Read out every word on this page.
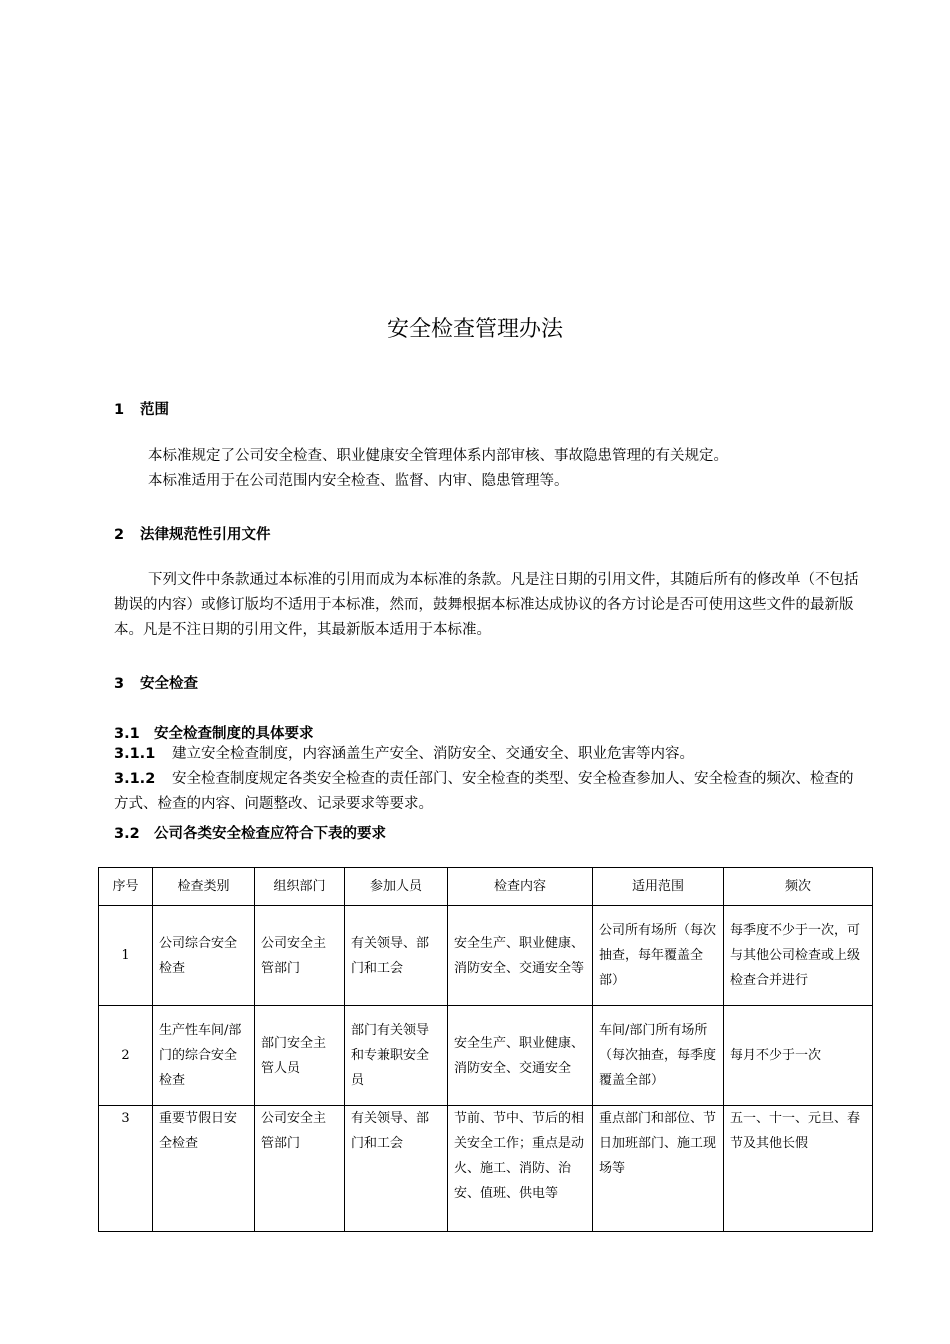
安全检查管理办法
1 范围
本标准规定了公司安全检查、职业健康安全管理体系内部审核、事故隐患管理的有关规定。
本标准适用于在公司范围内安全检查、监督、内审、隐患管理等。
2 法律规范性引用文件
下列文件中条款通过本标准的引用而成为本标准的条款。凡是注日期的引用文件，其随后所有的修改单（不包括勘误的内容）或修订版均不适用于本标准，然而，鼓舞根据本标准达成协议的各方讨论是否可使用这些文件的最新版本。凡是不注日期的引用文件，其最新版本适用于本标准。
3 安全检查
3.1 安全检查制度的具体要求
3.1.1 建立安全检查制度，内容涵盖生产安全、消防安全、交通安全、职业危害等内容。
3.1.2 安全检查制度规定各类安全检查的责任部门、安全检查的类型、安全检查参加人、安全检查的频次、检查的方式、检查的内容、问题整改、记录要求等要求。
3.2 公司各类安全检查应符合下表的要求
序号	检查类别	组织部门	参加人员	检查内容	适用范围	频次
1	公司综合安全检查	公司安全主管部门	有关领导、部门和工会	安全生产、职业健康、消防安全、交通安全等	公司所有场所（每次抽查，每年覆盖全部）	每季度不少于一次，可与其他公司检查或上级检查合并进行
2	生产性车间/部门的综合安全检查	部门安全主管人员	部门有关领导和专兼职安全员	安全生产、职业健康、消防安全、交通安全	车间/部门所有场所（每次抽查，每季度覆盖全部）	每月不少于一次
3	重要节假日安全检查	公司安全主管部门	有关领导、部门和工会	节前、节中、节后的相关安全工作；重点是动火、施工、消防、治安、值班、供电等	重点部门和部位、节日加班部门、施工现场等	五一、十一、元旦、春节及其他长假
